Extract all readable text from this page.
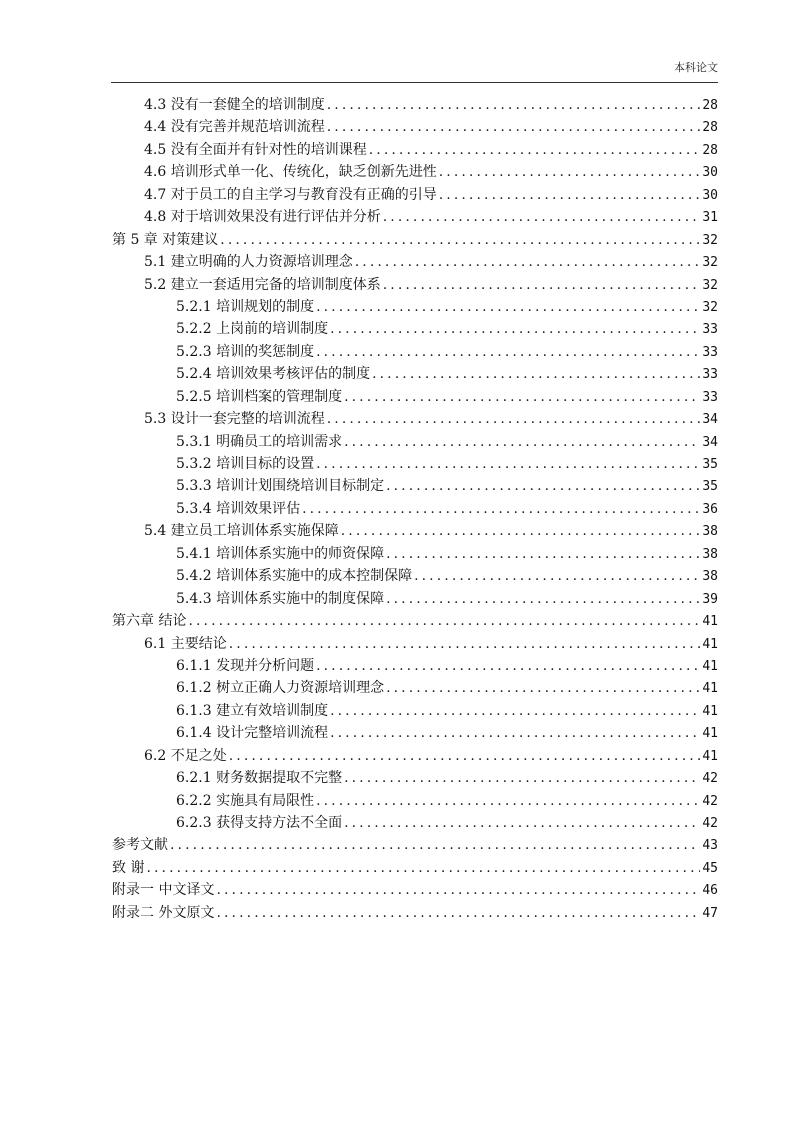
本科论文
4.3 没有一套健全的培训制度 .....	28
4.4 没有完善并规范培训流程 .....	28
4.5 没有全面并有针对性的培训课程 .....	28
4.6 培训形式单一化、传统化，缺乏创新先进性 .....	30
4.7 对于员工的自主学习与教育没有正确的引导 .....	30
4.8 对于培训效果没有进行评估并分析 .....	31
第 5 章 对策建议 .....	32
5.1 建立明确的人力资源培训理念 .....	32
5.2 建立一套适用完备的培训制度体系 .....	32
5.2.1 培训规划的制度 .....	32
5.2.2 上岗前的培训制度 .....	33
5.2.3 培训的奖惩制度 .....	33
5.2.4 培训效果考核评估的制度 .....	33
5.2.5 培训档案的管理制度 .....	33
5.3 设计一套完整的培训流程 .....	34
5.3.1 明确员工的培训需求 .....	34
5.3.2 培训目标的设置 .....	35
5.3.3 培训计划围绕培训目标制定 .....	35
5.3.4 培训效果评估 .....	36
5.4 建立员工培训体系实施保障 .....	38
5.4.1 培训体系实施中的师资保障 .....	38
5.4.2 培训体系实施中的成本控制保障 .....	38
5.4.3 培训体系实施中的制度保障 .....	39
第六章 结论 .....	41
6.1 主要结论 .....	41
6.1.1 发现并分析问题 .....	41
6.1.2 树立正确人力资源培训理念 .....	41
6.1.3 建立有效培训制度 .....	41
6.1.4 设计完整培训流程 .....	41
6.2 不足之处 .....	41
6.2.1 财务数据提取不完整 .....	42
6.2.2 实施具有局限性 .....	42
6.2.3 获得支持方法不全面 .....	42
参考文献 .....	43
致 谢 .....	45
附录一 中文译文 .....	46
附录二 外文原文 .....	47
